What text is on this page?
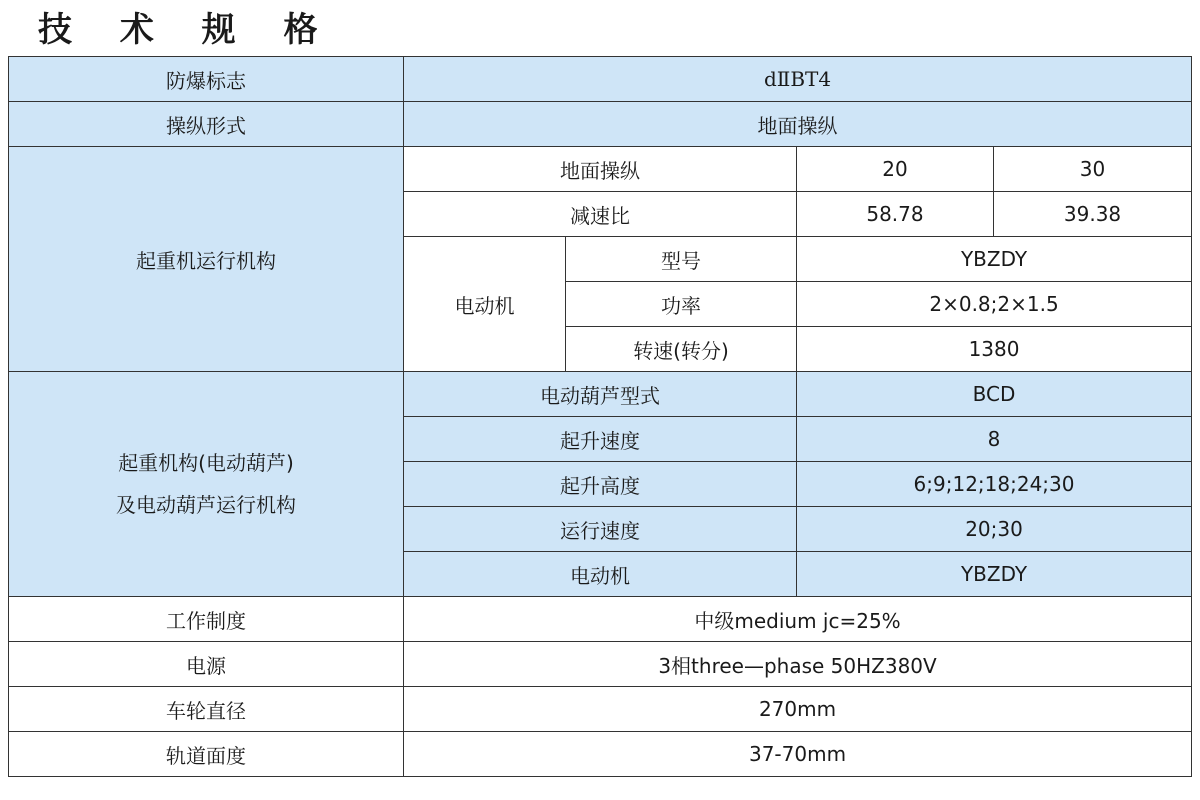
技 术 规 格
防爆标志	dⅡBT4			
操纵形式	地面操纵			
起重机运行机构	地面操纵		20	30
	减速比		58.78	39.38
	电动机	型号	YBZDY	
		功率	2×0.8;2×1.5	
		转速(转分)	1380	

起重机构(电动葫芦)
及电动葫芦运行机构	电动葫芦型式		BCD	
	起升速度		8	
	起升高度		6;9;12;18;24;30	
	运行速度		20;30	
	电动机		YBZDY	
工作制度	中级medium jc=25%			
电源	3相three—phase 50HZ380V			
车轮直径	270mm			
轨道面度	37-70mm			
